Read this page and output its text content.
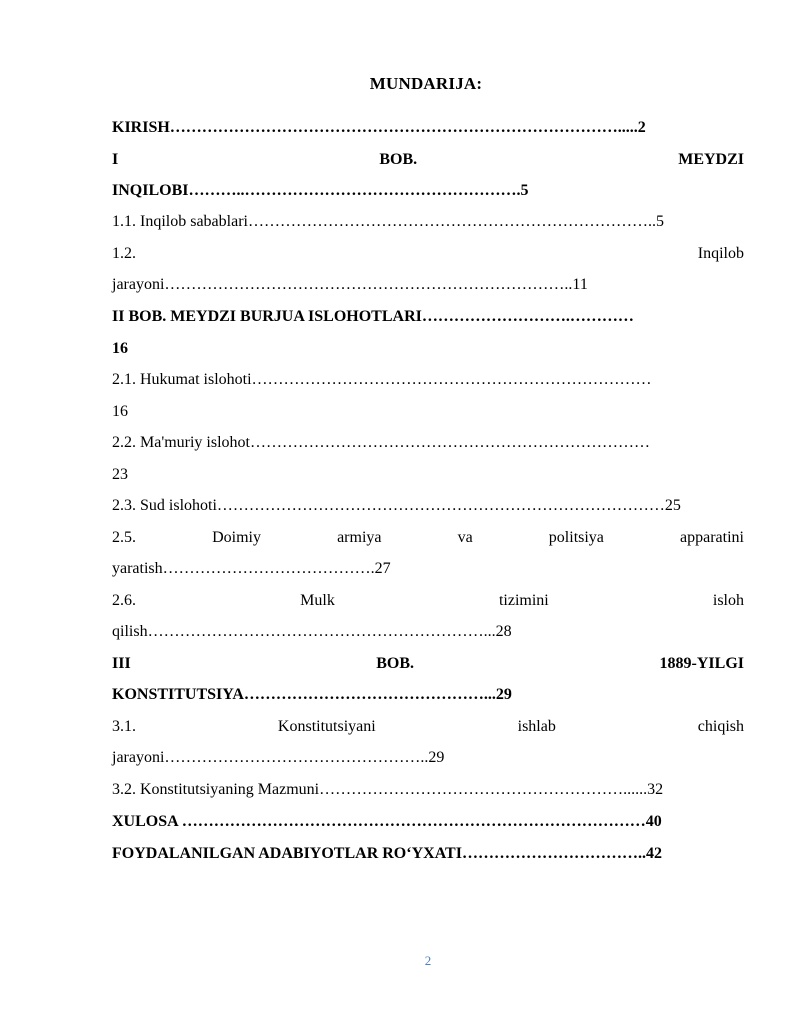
MUNDARIJA:
KIRISH………………………………………………………………………….....2
I	BOB.	MEYDZI
INQILOBI………..…………………………………………….5
1.1. Inqilob sabablari…………………………………………………………………..5
1.2.	Inqilob
jarayoni…………………………………………………………………..11
II BOB. MEYDZI BURJUA ISLOHOTLARI……………………….…………
16
2.1. Hukumat islohoti…………………………………………………………………
16
2.2. Ma'muriy islohot…………………………………………………………………
23
2.3. Sud islohoti…………………………………………………………………………25
2.5.	Doimiy	armiya	va	politsiya	apparatini
yaratish………………………………….27
2.6.	Mulk	tizimini	isloh
qilish………………………………………………………...28
III	BOB.	1889-YILGI
KONSTITUTSIYA………………………………………...29
3.1.	Konstitutsiyani	ishlab	chiqish
jarayoni…………………………………………..29
3.2. Konstitutsiyaning Mazmuni…………………………………………………......32
XULOSA ……………………………………………………………………………40
FOYDALANILGAN ADABIYOTLAR RO‘YXATI……………………………..42
2
